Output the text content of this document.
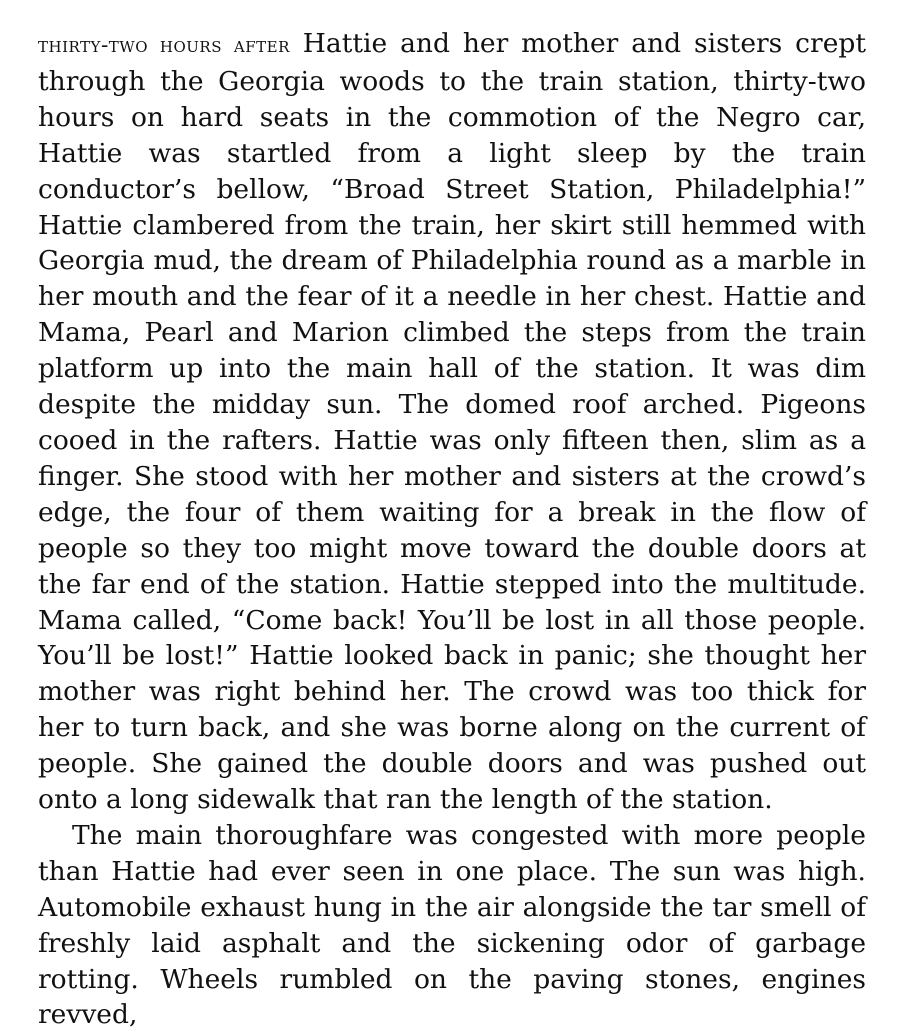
thirty-two hours after Hattie and her mother and sisters crept through the Georgia woods to the train station, thirty-two hours on hard seats in the commotion of the Negro car, Hattie was startled from a light sleep by the train conductor’s bellow, “Broad Street Station, Philadelphia!” Hattie clambered from the train, her skirt still hemmed with Georgia mud, the dream of Philadelphia round as a marble in her mouth and the fear of it a needle in her chest. Hattie and Mama, Pearl and Marion climbed the steps from the train platform up into the main hall of the station. It was dim despite the midday sun. The domed roof arched. Pigeons cooed in the rafters. Hattie was only fifteen then, slim as a finger. She stood with her mother and sisters at the crowd’s edge, the four of them waiting for a break in the flow of people so they too might move toward the double doors at the far end of the station. Hattie stepped into the multitude. Mama called, “Come back! You’ll be lost in all those people. You’ll be lost!” Hattie looked back in panic; she thought her mother was right behind her. The crowd was too thick for her to turn back, and she was borne along on the current of people. She gained the double doors and was pushed out onto a long sidewalk that ran the length of the station.

The main thoroughfare was congested with more people than Hattie had ever seen in one place. The sun was high. Automobile exhaust hung in the air alongside the tar smell of freshly laid asphalt and the sickening odor of garbage rotting. Wheels rumbled on the paving stones, engines revved,
